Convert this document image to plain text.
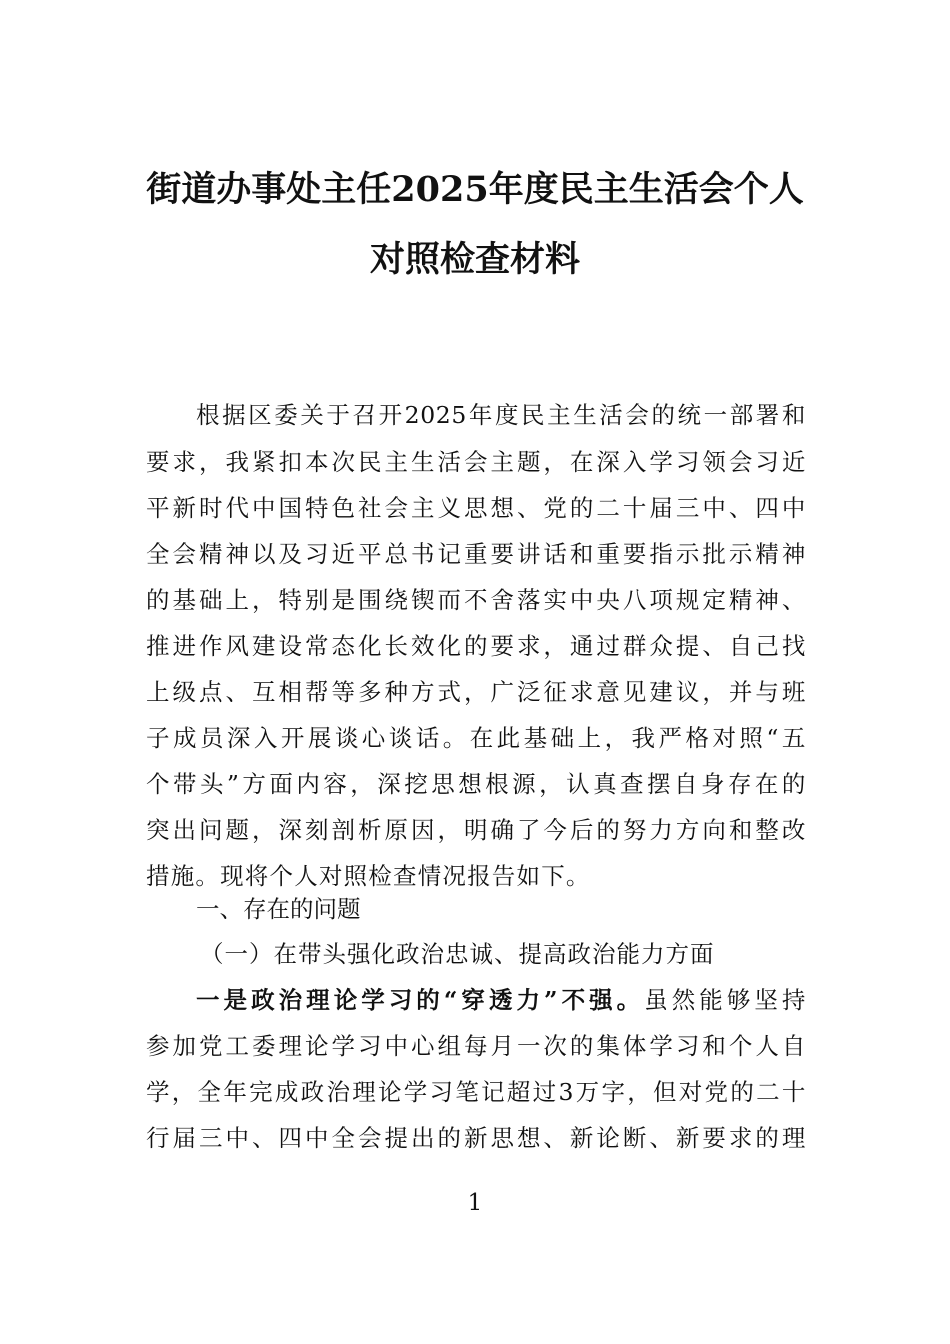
街道办事处主任2025年度民主生活会个人
对照检查材料
根据区委关于召开2025年度民主生活会的统一部署和
要求，我紧扣本次民主生活会主题，在深入学习领会习近
平新时代中国特色社会主义思想、党的二十届三中、四中
全会精神以及习近平总书记重要讲话和重要指示批示精神
的基础上，特别是围绕锲而不舍落实中央八项规定精神、
推进作风建设常态化长效化的要求，通过群众提、自己找
上级点、互相帮等多种方式，广泛征求意见建议，并与班
子成员深入开展谈心谈话。在此基础上，我严格对照“五
个带头”方面内容，深挖思想根源，认真查摆自身存在的
突出问题，深刻剖析原因，明确了今后的努力方向和整改
措施。现将个人对照检查情况报告如下。
一、存在的问题
（一）在带头强化政治忠诚、提高政治能力方面
一是政治理论学习的“穿透力”不强。虽然能够坚持
参加党工委理论学习中心组每月一次的集体学习和个人自
学，全年完成政治理论学习笔记超过3万字，但对党的二十
行届三中、四中全会提出的新思想、新论断、新要求的理
1
